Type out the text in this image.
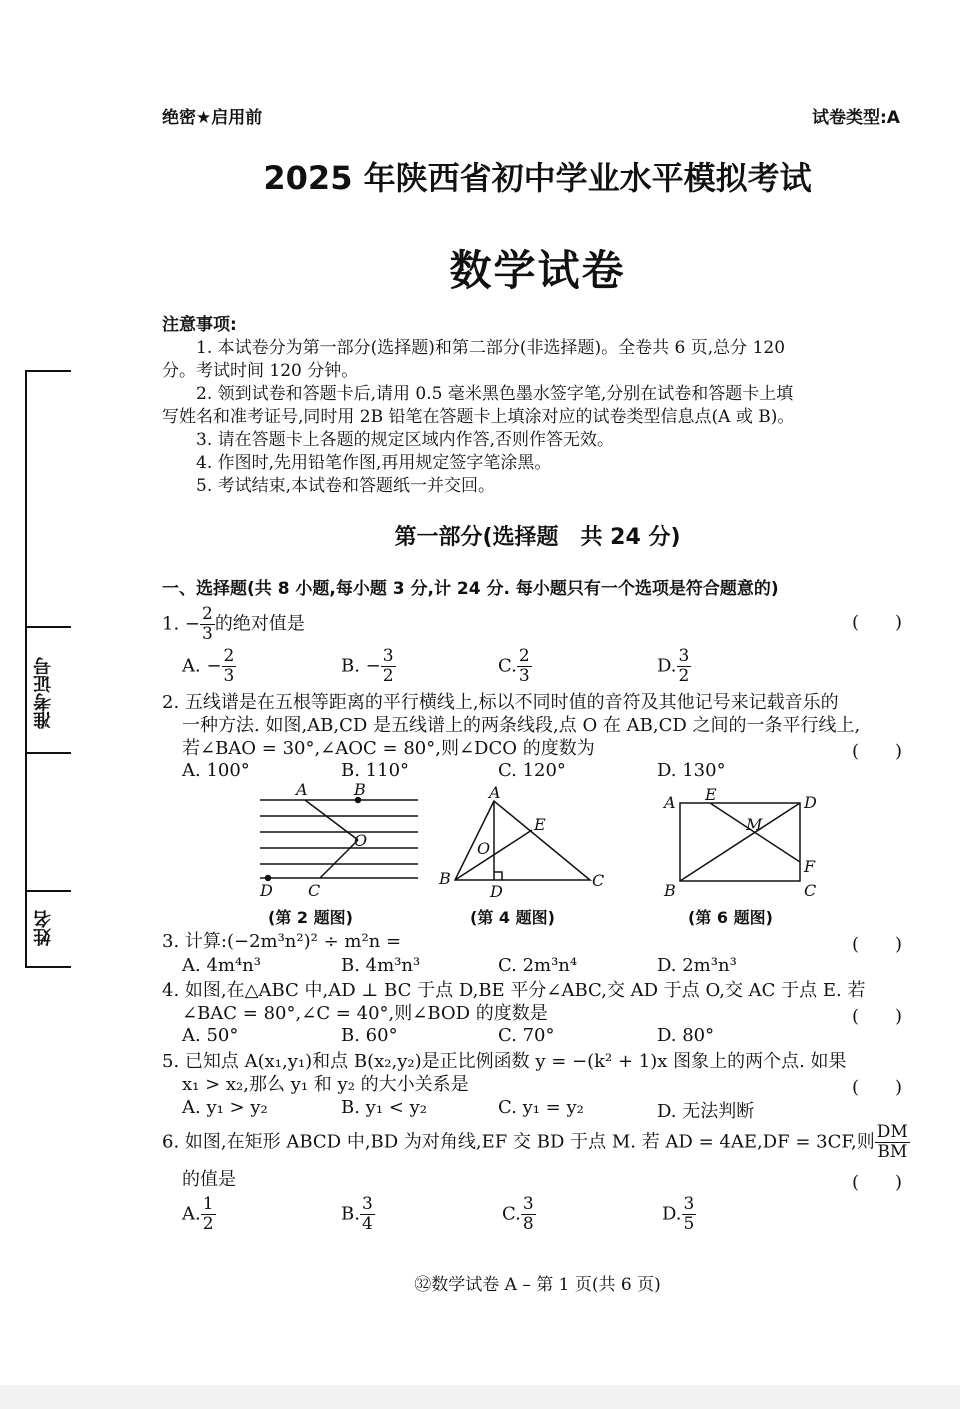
绝密★启用前	试卷类型:A
2025 年陕西省初中学业水平模拟考试
数学试卷

注意事项:

1. 本试卷分为第一部分(选择题)和第二部分(非选择题)。全卷共 6 页,总分 120

分。考试时间 120 分钟。

2. 领到试卷和答题卡后,请用 0.5 毫米黑色墨水签字笔,分别在试卷和答题卡上填

写姓名和准考证号,同时用 2B 铅笔在答题卡上填涂对应的试卷类型信息点(A 或 B)。

3. 请在答题卡上各题的规定区域内作答,否则作答无效。

4. 作图时,先用铅笔作图,再用规定签字笔涂黑。

5. 考试结束,本试卷和答题纸一并交回。

第一部分(选择题　共 24 分)
一、选择题(共 8 小题,每小题 3 分,计 24 分. 每小题只有一个选项是符合题意的)
1. − $\frac{2}{3}$ 的绝对值是	(　　)
A. − $\frac{2}{3}$	B. − $\frac{3}{2}$	C. $\frac{2}{3}$	D. $\frac{3}{2}$
2. 五线谱是在五根等距离的平行横线上,标以不同时值的音符及其他记号来记载音乐的
一种方法. 如图,AB,CD 是五线谱上的两条线段,点 O 在 AB,CD 之间的一条平行线上,
若∠BAO = 30°,∠AOC = 80°,则∠DCO 的度数为	(　　)
A. 100°	B. 110°	C. 120°	D. 130°
A	B
O
D C
A
E
O
B
D
C
A E	D
M
F
B	C
(第 2 题图)	(第 4 题图)	(第 6 题图)
3. 计算:(−2m³n²)² ÷ m²n =	(　　)
A. 4m⁴n³	B. 4m³n³	C. 2m³n⁴	D. 2m³n³
4. 如图,在△ABC 中,AD ⊥ BC 于点 D,BE 平分∠ABC,交 AD 于点 O,交 AC 于点 E. 若
∠BAC = 80°,∠C = 40°,则∠BOD 的度数是	(　　)
A. 50°	B. 60°	C. 70°	D. 80°
5. 已知点 A(x₁,y₁)和点 B(x₂,y₂)是正比例函数 y = −(k² + 1)x 图象上的两个点. 如果
x₁ > x₂,那么 y₁ 和 y₂ 的大小关系是	(　　)
A. y₁ > y₂	B. y₁ < y₂	C. y₁ = y₂	D. 无法判断
6. 如图,在矩形 ABCD 中,BD 为对角线,EF 交 BD 于点 M. 若 AD = 4AE,DF = 3CF,则 $\frac{DM}{BM}$
的值是	(　　)
A. $\frac{1}{2}$	B. $\frac{3}{4}$	C. $\frac{3}{8}$	D. $\frac{3}{5}$
准考证号
姓名
㉜数学试卷 A – 第 1 页(共 6 页)
